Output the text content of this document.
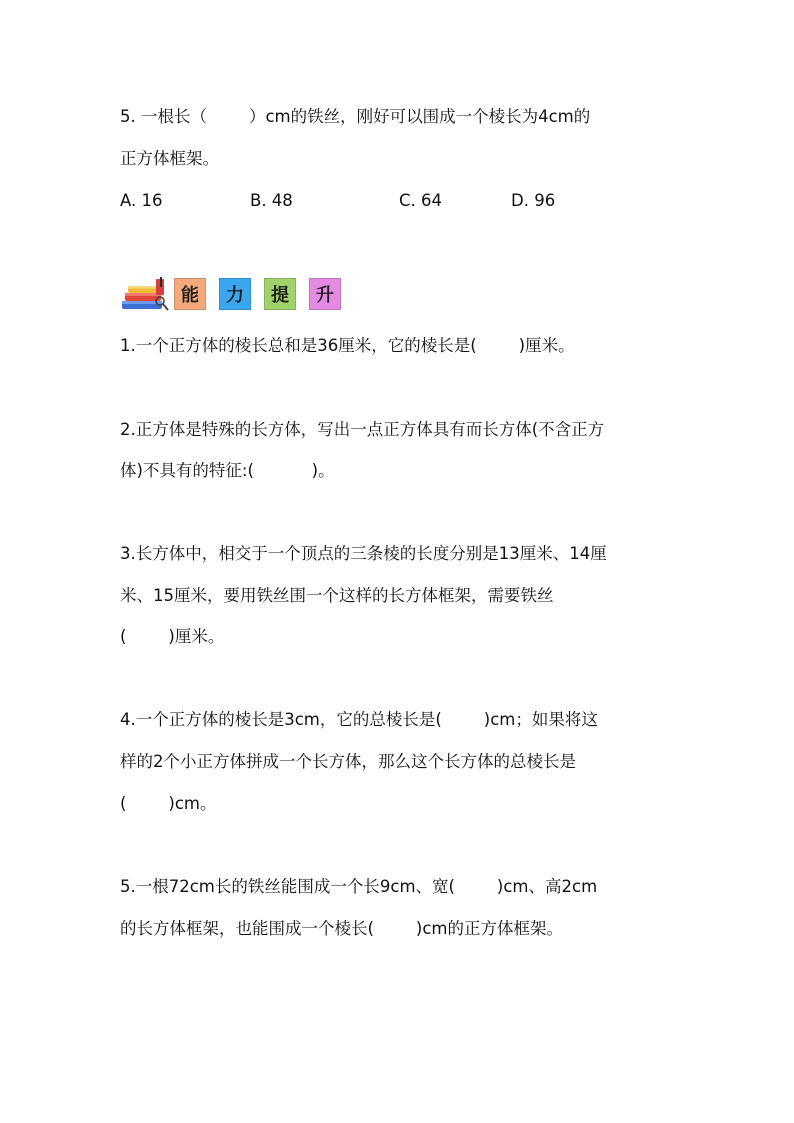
5. 一根长（        ）cm的铁丝，刚好可以围成一个棱长为4cm的
正方体框架。
A. 16	B. 48	C. 64	D. 96
能	力	提	升
1.一个正方体的棱长总和是36厘米，它的棱长是(        )厘米。
2.正方体是特殊的长方体，写出一点正方体具有而长方体(不含正方
体)不具有的特征:(           )。
3.长方体中，相交于一个顶点的三条棱的长度分别是13厘米、14厘
米、15厘米，要用铁丝围一个这样的长方体框架，需要铁丝
(        )厘米。
4.一个正方体的棱长是3cm，它的总棱长是(        )cm；如果将这
样的2个小正方体拼成一个长方体，那么这个长方体的总棱长是
(        )cm。
5.一根72cm长的铁丝能围成一个长9cm、宽(        )cm、高2cm
的长方体框架，也能围成一个棱长(        )cm的正方体框架。
